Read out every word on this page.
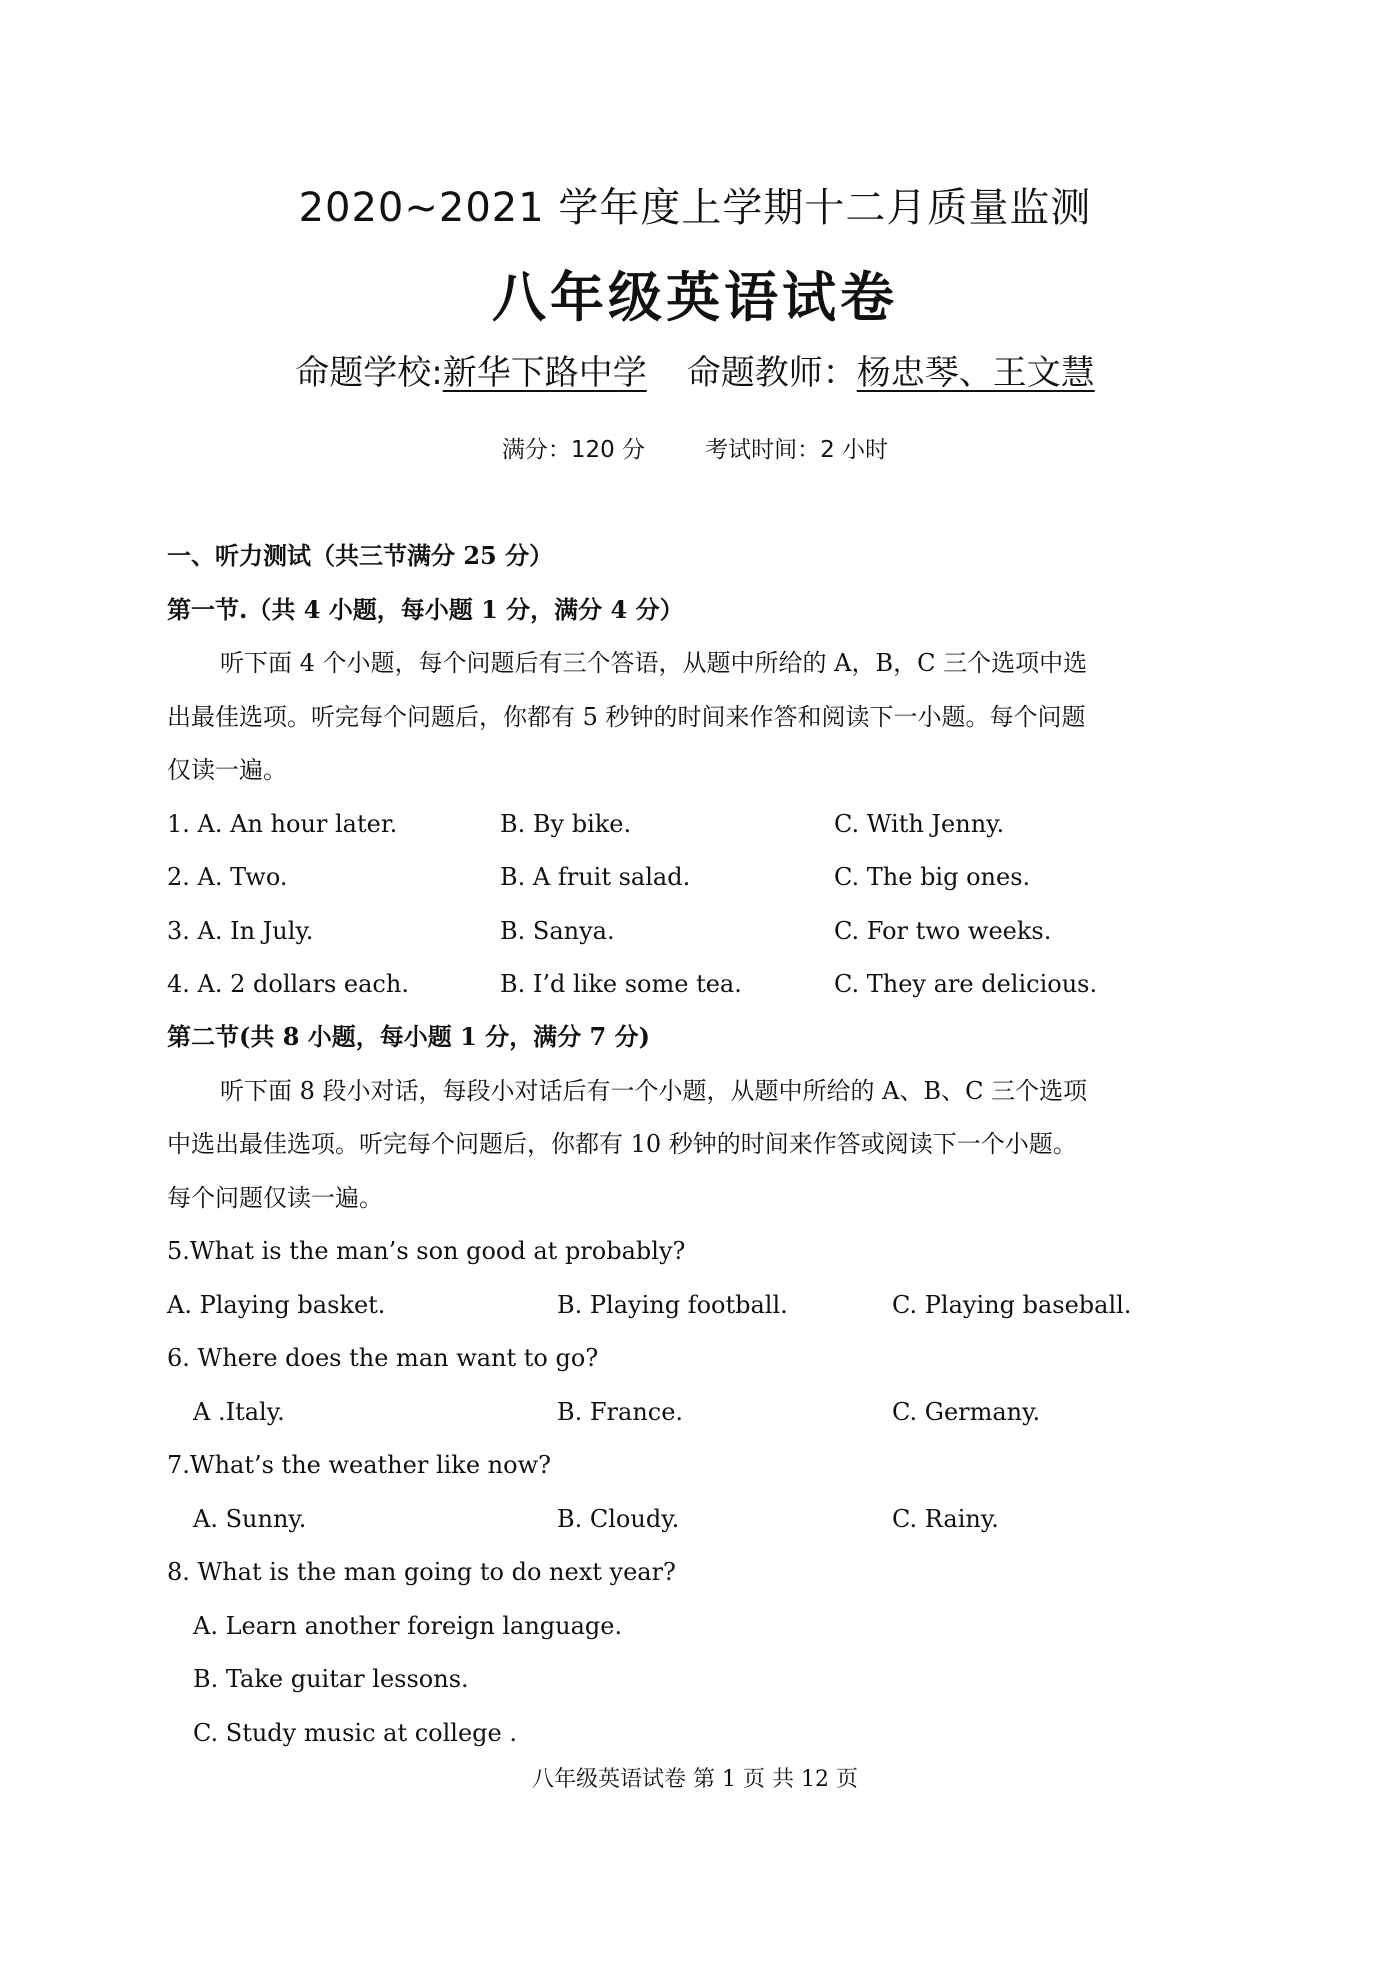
2020~2021 学年度上学期十二月质量监测
八年级英语试卷
命题学校:新华下路中学 命题教师：杨忠琴、王文慧
满分：120 分	考试时间：2 小时
一、听力测试（共三节满分 25 分）
第一节.（共 4 小题，每小题 1 分，满分 4 分）
听下面 4 个小题，每个问题后有三个答语，从题中所给的 A，B，C 三个选项中选
出最佳选项。听完每个问题后，你都有 5 秒钟的时间来作答和阅读下一小题。每个问题
仅读一遍。
1. A. An hour later.	B. By bike.	C. With Jenny.
2. A. Two.	B. A fruit salad.	C. The big ones.
3. A. In July.	B. Sanya.	C. For two weeks.
4. A. 2 dollars each.	B. I’d like some tea.	C. They are delicious.
第二节(共 8 小题，每小题 1 分，满分 7 分)
听下面 8 段小对话，每段小对话后有一个小题，从题中所给的 A、B、C 三个选项
中选出最佳选项。听完每个问题后，你都有 10 秒钟的时间来作答或阅读下一个小题。
每个问题仅读一遍。
5.What is the man’s son good at probably?
A. Playing basket.	B. Playing football.	C. Playing baseball.
6. Where does the man want to go?
A .Italy.	B. France.	C. Germany.
7.What’s the weather like now?
A. Sunny.	B. Cloudy.	C. Rainy.
8. What is the man going to do next year?
A. Learn another foreign language.
B. Take guitar lessons.
C. Study music at college .
八年级英语试卷 第 1 页 共 12 页
